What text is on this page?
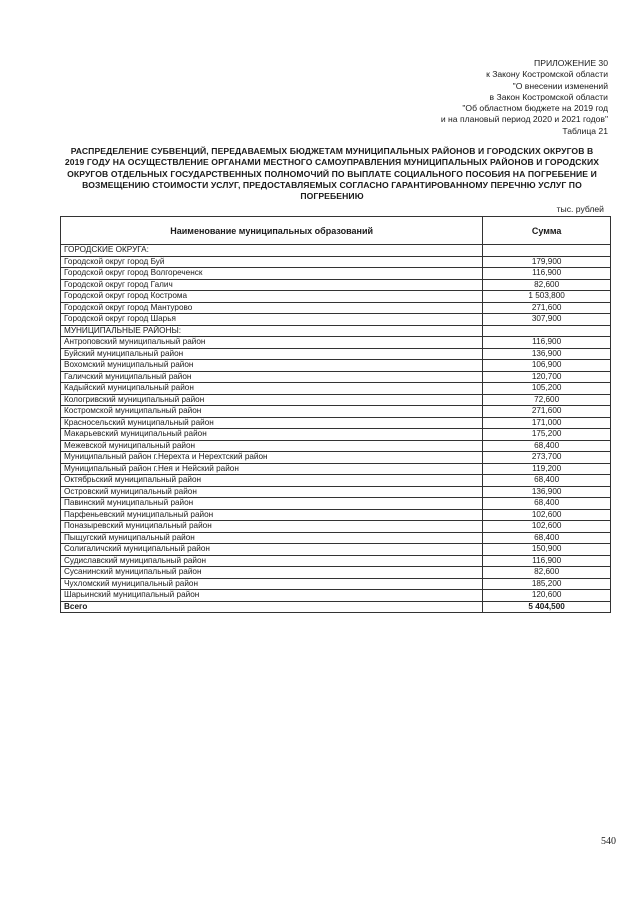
ПРИЛОЖЕНИЕ 30
к Закону Костромской области
"О внесении изменений
в Закон Костромской области
"Об областном бюджете на 2019 год
и на плановый период 2020 и 2021 годов"
Таблица 21
РАСПРЕДЕЛЕНИЕ СУБВЕНЦИЙ, ПЕРЕДАВАЕМЫХ БЮДЖЕТАМ МУНИЦИПАЛЬНЫХ РАЙОНОВ И ГОРОДСКИХ ОКРУГОВ В 2019 ГОДУ НА ОСУЩЕСТВЛЕНИЕ ОРГАНАМИ МЕСТНОГО САМОУПРАВЛЕНИЯ МУНИЦИПАЛЬНЫХ РАЙОНОВ И ГОРОДСКИХ ОКРУГОВ ОТДЕЛЬНЫХ ГОСУДАРСТВЕННЫХ ПОЛНОМОЧИЙ ПО ВЫПЛАТЕ СОЦИАЛЬНОГО ПОСОБИЯ НА ПОГРЕБЕНИЕ И ВОЗМЕЩЕНИЮ СТОИМОСТИ УСЛУГ, ПРЕДОСТАВЛЯЕМЫХ СОГЛАСНО ГАРАНТИРОВАННОМУ ПЕРЕЧНЮ УСЛУГ ПО ПОГРЕБЕНИЮ
тыс. рублей
Наименование муниципальных образований	Сумма
ГОРОДСКИЕ ОКРУГА:	
Городской округ город Буй	179,900
Городской округ город Волгореченск	116,900
Городской округ город Галич	82,600
Городской округ город Кострома	1 503,800
Городской округ город Мантурово	271,600
Городской округ город Шарья	307,900
МУНИЦИПАЛЬНЫЕ РАЙОНЫ:	
Антроповский муниципальный район	116,900
Буйский муниципальный район	136,900
Вохомский муниципальный район	106,900
Галичский муниципальный район	120,700
Кадыйский муниципальный район	105,200
Кологривский муниципальный район	72,600
Костромской муниципальный район	271,600
Красносельский муниципальный район	171,000
Макарьевский муниципальный район	175,200
Межевской муниципальный район	68,400
Муниципальный район г.Нерехта и Нерехтский район	273,700
Муниципальный район г.Нея и Нейский район	119,200
Октябрьский муниципальный район	68,400
Островский муниципальный район	136,900
Павинский муниципальный район	68,400
Парфеньевский муниципальный район	102,600
Поназыревский муниципальный район	102,600
Пыщугский муниципальный район	68,400
Солигаличский муниципальный район	150,900
Судиславский муниципальный район	116,900
Сусанинский муниципальный район	82,600
Чухломский муниципальный район	185,200
Шарьинский муниципальный район	120,600
Всего	5 404,500
540
